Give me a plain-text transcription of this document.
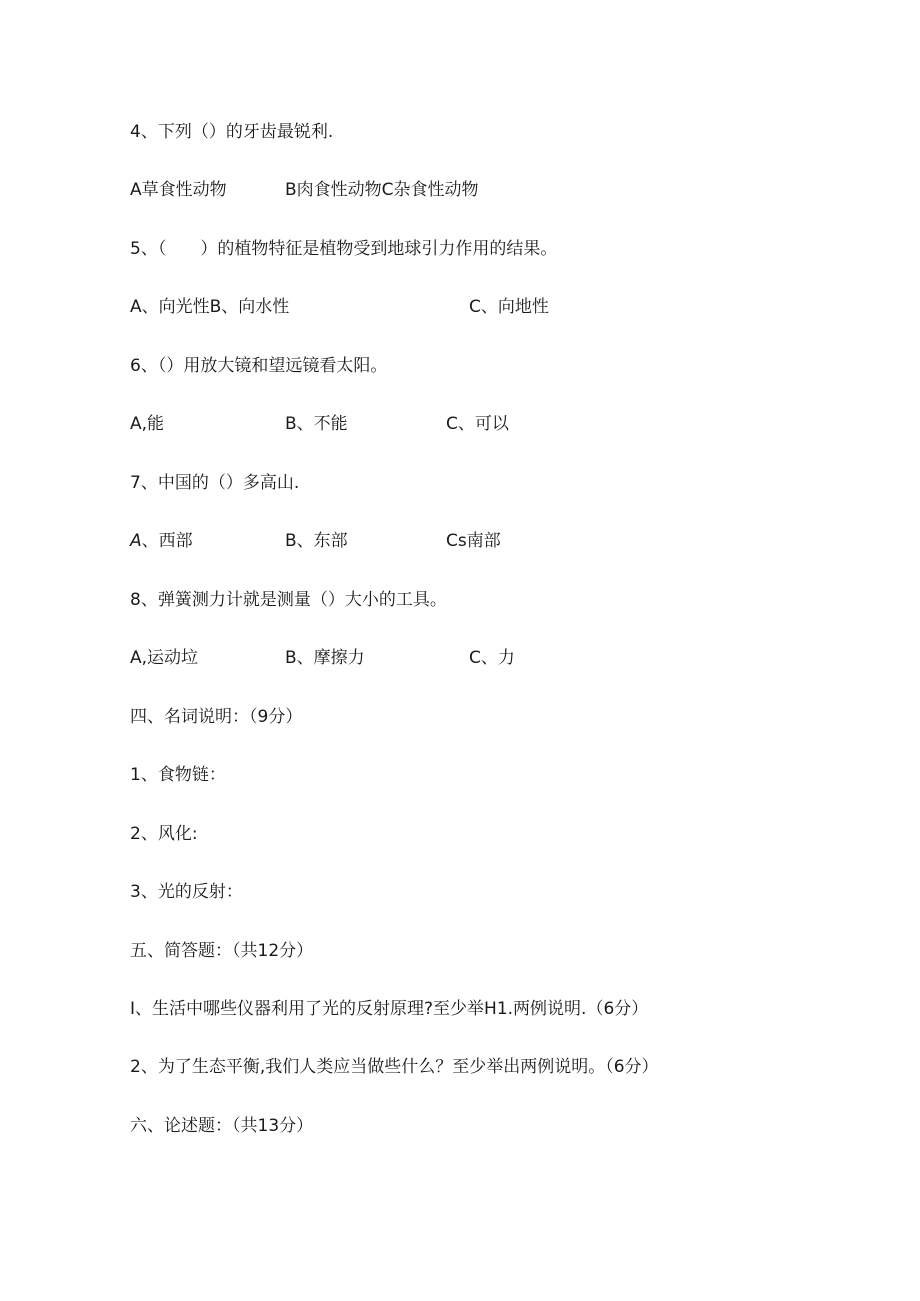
4、下列（）的牙齿最锐利.
A草食性动物	B肉食性动物C杂食性动物
5、（　　）的植物特征是植物受到地球引力作用的结果。
A、向光性B、向水性	C、向地性
6、（）用放大镜和望远镜看太阳。
A,能	B、不能	C、可以
7、中国的（）多高山.
A、西部	B、东部	Cs南部
8、弹簧测力计就是测量（）大小的工具。
A,运动垃	B、摩擦力	C、力
四、名词说明：（9分）
1、食物链：
2、风化:
3、光的反射：
五、简答题：（共12分）
I、生活中哪些仪器利用了光的反射原理?至少举H1.两例说明.（6分）
2、为了生态平衡,我们人类应当做些什么？至少举出两例说明。（6分）
六、论述题：（共13分）
